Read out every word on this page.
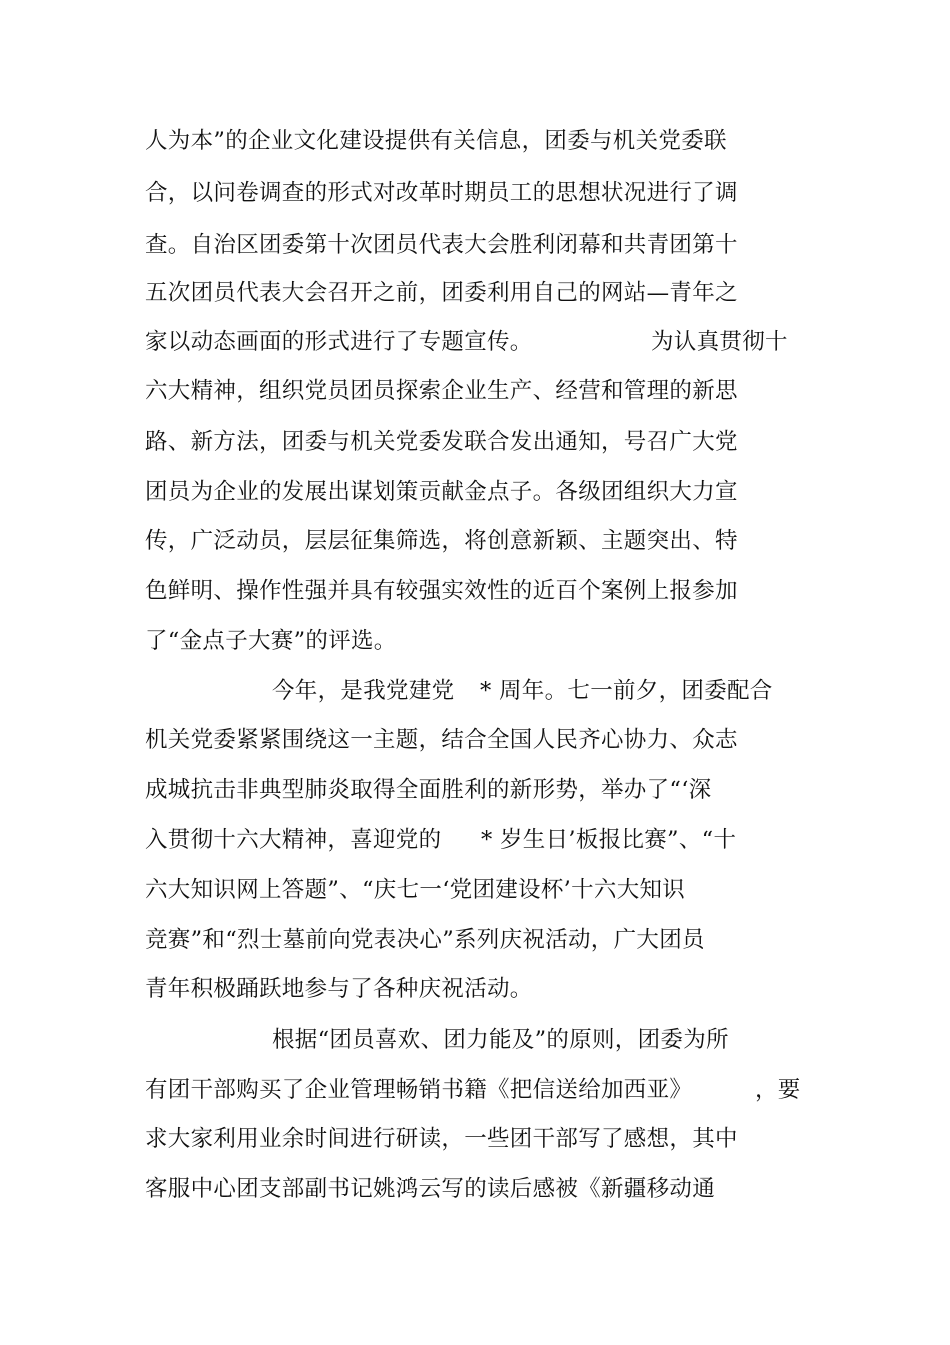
人为本”的企业文化建设提供有关信息，团委与机关党委联
合，以问卷调查的形式对改革时期员工的思想状况进行了调
查。自治区团委第十次团员代表大会胜利闭幕和共青团第十
五次团员代表大会召开之前，团委利用自己的网站—青年之
家以动态画面的形式进行了专题宣传。	为认真贯彻十
六大精神，组织党员团员探索企业生产、经营和管理的新思
路、新方法，团委与机关党委发联合发出通知，号召广大党
团员为企业的发展出谋划策贡献金点子。各级团组织大力宣
传，广泛动员，层层征集筛选，将创意新颖、主题突出、特
色鲜明、操作性强并具有较强实效性的近百个案例上报参加
了“金点子大赛”的评选。
今年，是我党建党 * 周年。七一前夕，团委配合
机关党委紧紧围绕这一主题，结合全国人民齐心协力、众志
成城抗击非典型肺炎取得全面胜利的新形势，举办了“‘深
入贯彻十六大精神，喜迎党的 * 岁生日’板报比赛”、“十
六大知识网上答题”、“庆七一‘党团建设杯’十六大知识
竞赛”和“烈士墓前向党表决心”系列庆祝活动，广大团员
青年积极踊跃地参与了各种庆祝活动。
根据“团员喜欢、团力能及”的原则，团委为所
有团干部购买了企业管理畅销书籍《把信送给加西亚》	，要
求大家利用业余时间进行研读，一些团干部写了感想，其中
客服中心团支部副书记姚鸿云写的读后感被《新疆移动通
